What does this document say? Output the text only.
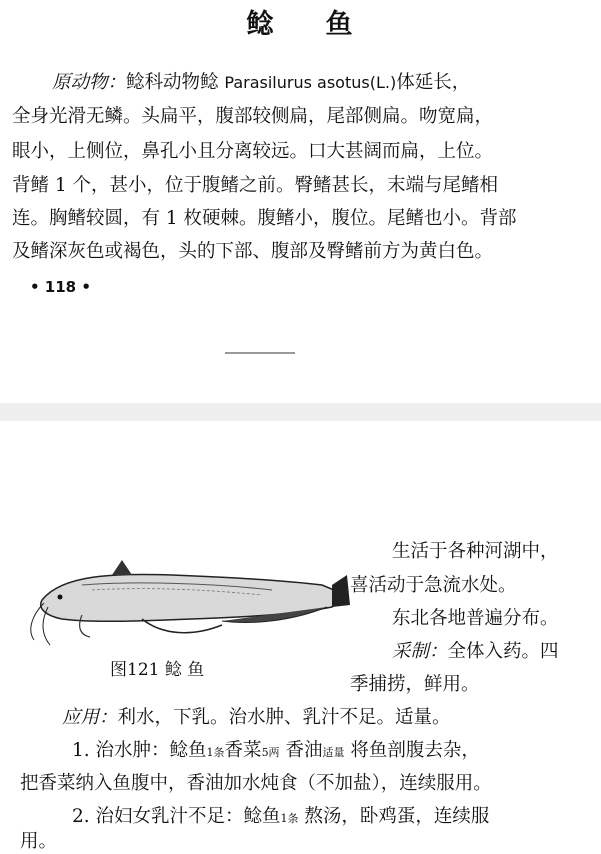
鲶 鱼
原动物：鲶科动物鲶 Parasilurus asotus(L.)体延长，
全身光滑无鳞。头扁平，腹部较侧扁，尾部侧扁。吻宽扁，
眼小，上侧位，鼻孔小且分离较远。口大甚阔而扁，上位。
背鳍 1 个，甚小，位于腹鳍之前。臀鳍甚长，末端与尾鳍相
连。胸鳍较圆，有 1 枚硬棘。腹鳍小，腹位。尾鳍也小。背部
及鳍深灰色或褐色，头的下部、腹部及臀鳍前方为黄白色。
• 118 •
图121 鲶 鱼
生活于各种河湖中，
喜活动于急流水处。
东北各地普遍分布。
采制：全体入药。四
季捕捞，鲜用。
应用：利水，下乳。治水肿、乳汁不足。适量。
1. 治水肿：鲶鱼1条香菜5两 香油适量 将鱼剖腹去杂，
把香菜纳入鱼腹中，香油加水炖食（不加盐），连续服用。
2. 治妇女乳汁不足：鲶鱼1条 熬汤，卧鸡蛋，连续服
用。
